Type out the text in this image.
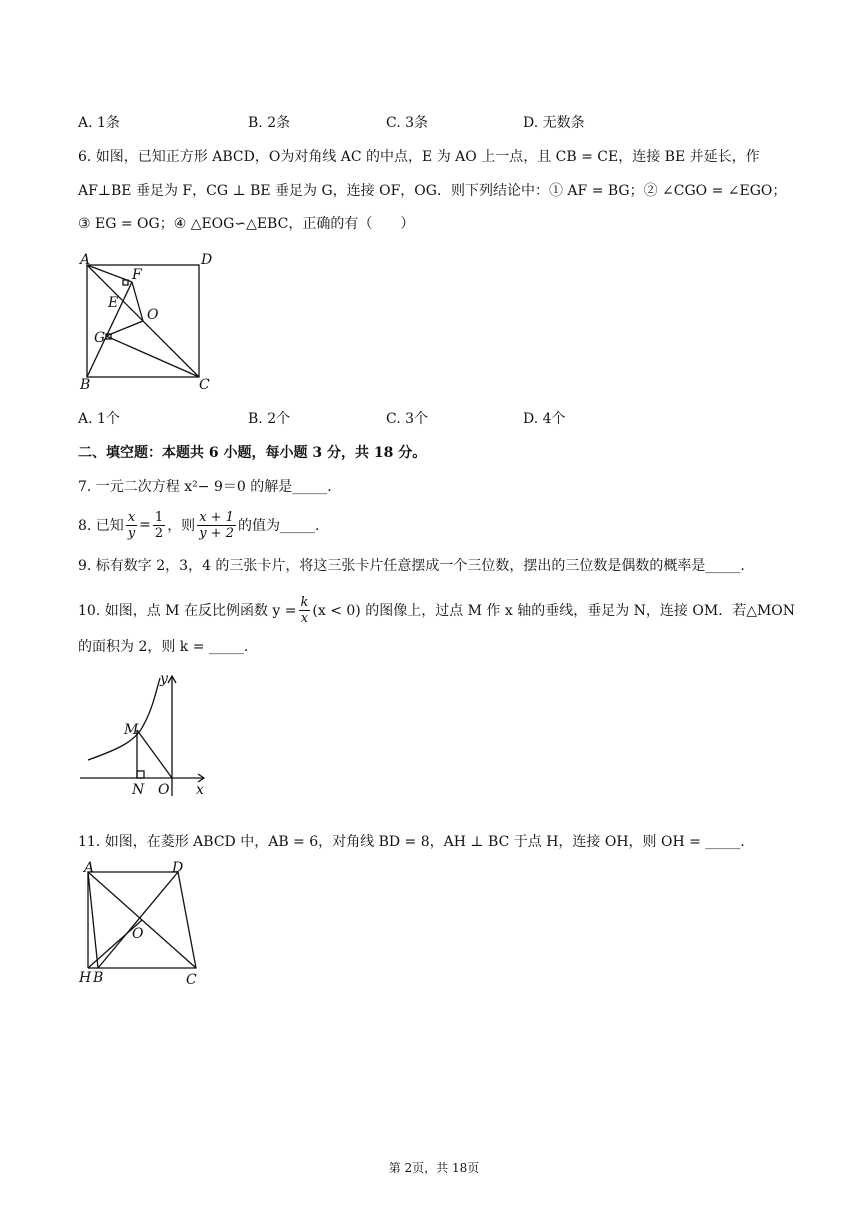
A. 1条	B. 2条	C. 3条	D. 无数条
6. 如图，已知正方形 ABCD，O为对角线 AC 的中点，E 为 AO 上一点，且 CB = CE，连接 BE 并延长，作
AF⊥BE 垂足为 F，CG ⊥ BE 垂足为 G，连接 OF，OG．则下列结论中：① AF = BG；② ∠CGO = ∠EGO；
③ EG = OG；④ △EOG∽△EBC，正确的有（　　）
A	D
B	C
F
E
O
G
A. 1个	B. 2个	C. 3个	D. 4个
二、填空题：本题共 6 小题，每小题 3 分，共 18 分。
7. 一元二次方程 x²− 9＝0 的解是_____．
8. 已知 $\frac{x}{y} = \frac{1}{2}$ ，则 $\frac{x + 1}{y + 2}$ 的值为_____.
9. 标有数字 2，3，4 的三张卡片，将这三张卡片任意摆成一个三位数，摆出的三位数是偶数的概率是_____.
10. 如图，点 M 在反比例函数 $y = \frac{k}{x} (x < 0)$ 的图像上，过点 M 作 x 轴的垂线，垂足为 N，连接 OM．若△MON
的面积为 2，则 k = _____.
y
x
M
N O
11. 如图，在菱形 ABCD 中，AB = 6，对角线 BD = 8，AH ⊥ BC 于点 H，连接 OH，则 OH = _____.
A	D
O
H B	C
第 2页，共 18页
